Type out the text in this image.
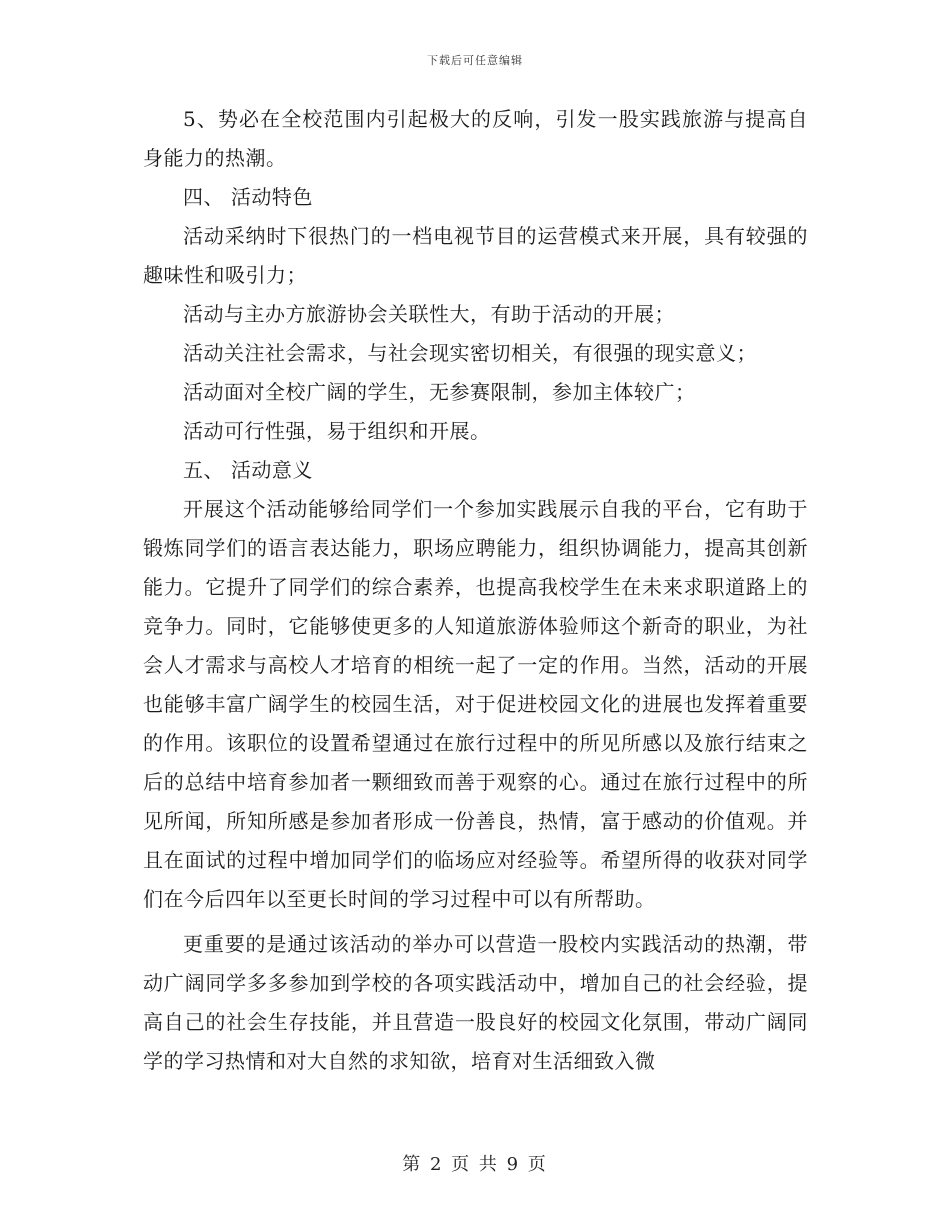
下载后可任意编辑

5、势必在全校范围内引起极大的反响，引发一股实践旅游与提高自身能力的热潮。

四、 活动特色

活动采纳时下很热门的一档电视节目的运营模式来开展，具有较强的趣味性和吸引力；

活动与主办方旅游协会关联性大，有助于活动的开展；

活动关注社会需求，与社会现实密切相关，有很强的现实意义；

活动面对全校广阔的学生，无参赛限制，参加主体较广；

活动可行性强，易于组织和开展。

五、 活动意义

开展这个活动能够给同学们一个参加实践展示自我的平台，它有助于锻炼同学们的语言表达能力，职场应聘能力，组织协调能力，提高其创新能力。它提升了同学们的综合素养，也提高我校学生在未来求职道路上的竞争力。同时，它能够使更多的人知道旅游体验师这个新奇的职业，为社会人才需求与高校人才培育的相统一起了一定的作用。当然，活动的开展也能够丰富广阔学生的校园生活，对于促进校园文化的进展也发挥着重要的作用。该职位的设置希望通过在旅行过程中的所见所感以及旅行结束之后的总结中培育参加者一颗细致而善于观察的心。通过在旅行过程中的所见所闻，所知所感是参加者形成一份善良，热情，富于感动的价值观。并且在面试的过程中增加同学们的临场应对经验等。希望所得的收获对同学们在今后四年以至更长时间的学习过程中可以有所帮助。

更重要的是通过该活动的举办可以营造一股校内实践活动的热潮，带动广阔同学多多参加到学校的各项实践活动中，增加自己的社会经验，提高自己的社会生存技能，并且营造一股良好的校园文化氛围，带动广阔同学的学习热情和对大自然的求知欲，培育对生活细致入微

第 2 页 共 9 页
